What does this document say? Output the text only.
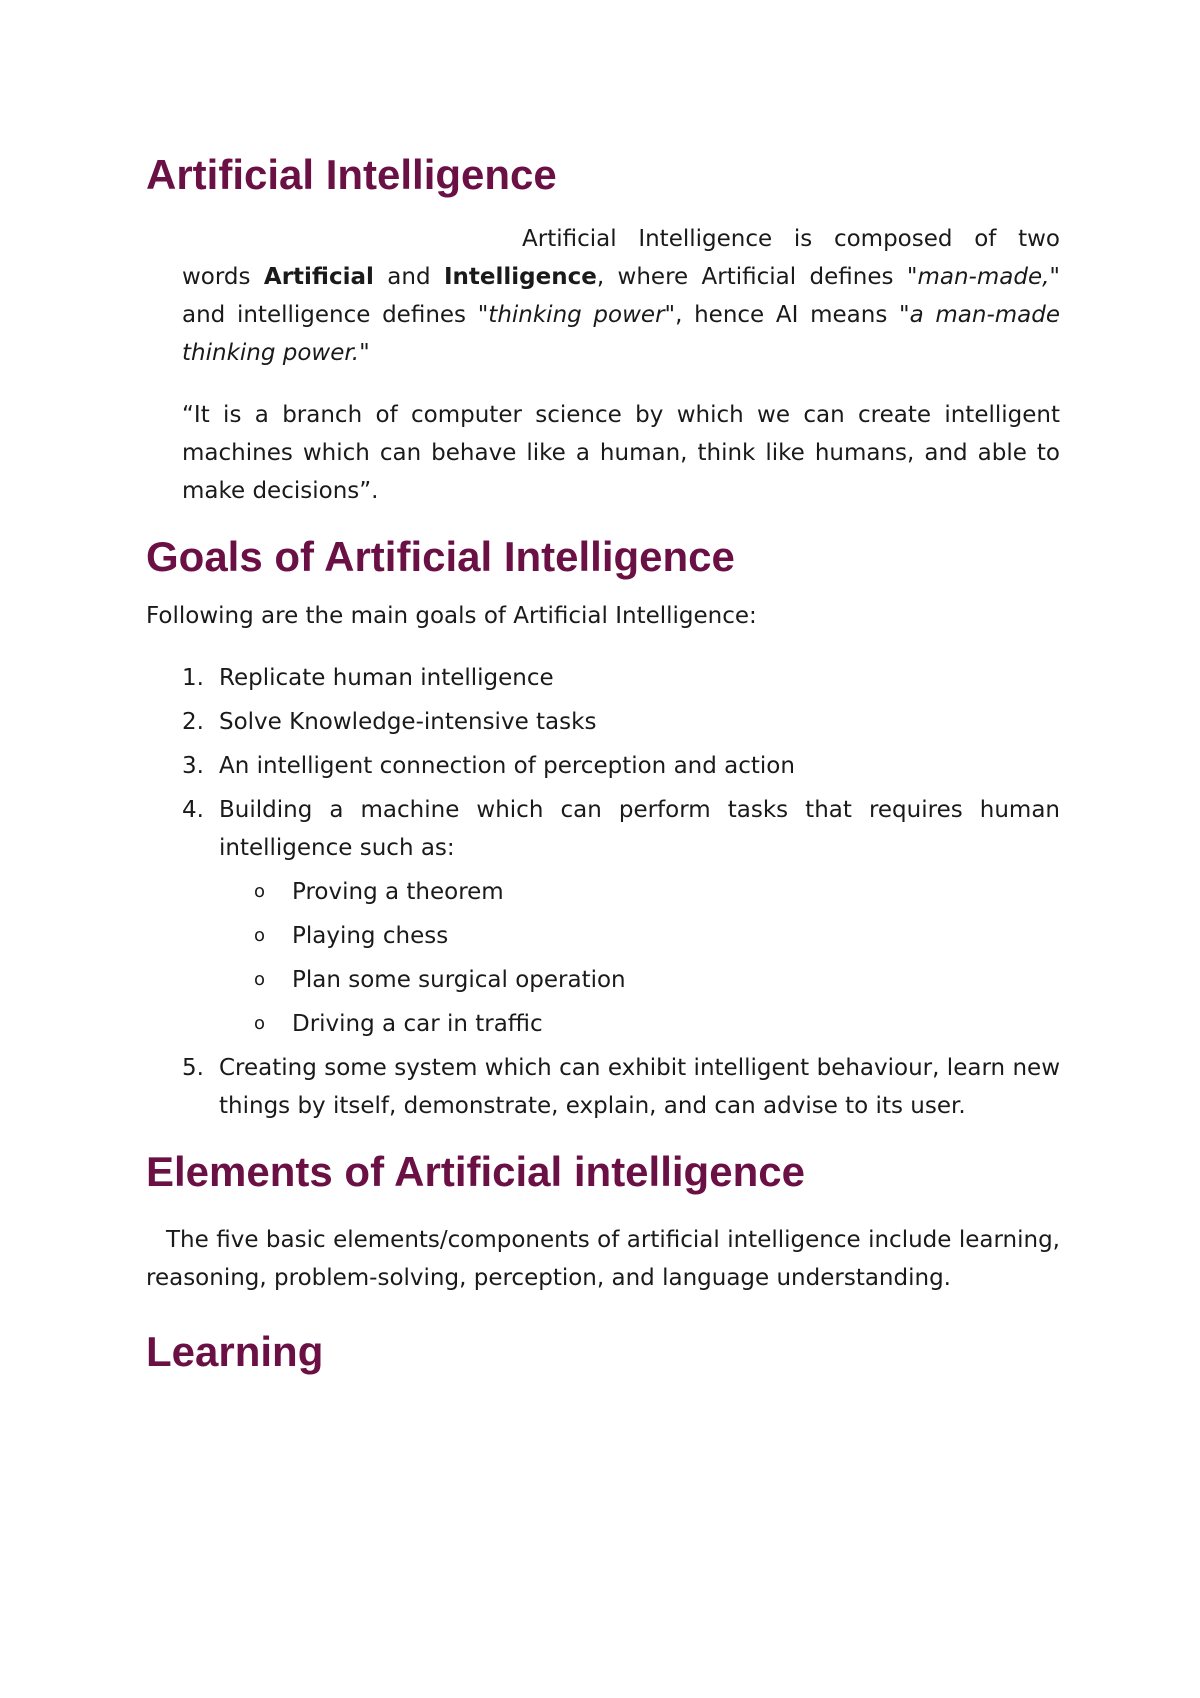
Artificial Intelligence

Artificial Intelligence is composed of two words Artificial and Intelligence, where Artificial defines "man-made," and intelligence defines "thinking power", hence AI means "a man-made thinking power."

“It is a branch of computer science by which we can create intelligent machines which can behave like a human, think like humans, and able to make decisions”.

Goals of Artificial Intelligence

Following are the main goals of Artificial Intelligence:

1. Replicate human intelligence
2. Solve Knowledge-intensive tasks
3. An intelligent connection of perception and action
4. Building a machine which can perform tasks that requires human intelligence such as:
o Proving a theorem
o Playing chess
o Plan some surgical operation
o Driving a car in traffic
5. Creating some system which can exhibit intelligent behaviour, learn new things by itself, demonstrate, explain, and can advise to its user.
Elements of Artificial intelligence

The five basic elements/components of artificial intelligence include learning, reasoning, problem-solving, perception, and language understanding.

Learning
